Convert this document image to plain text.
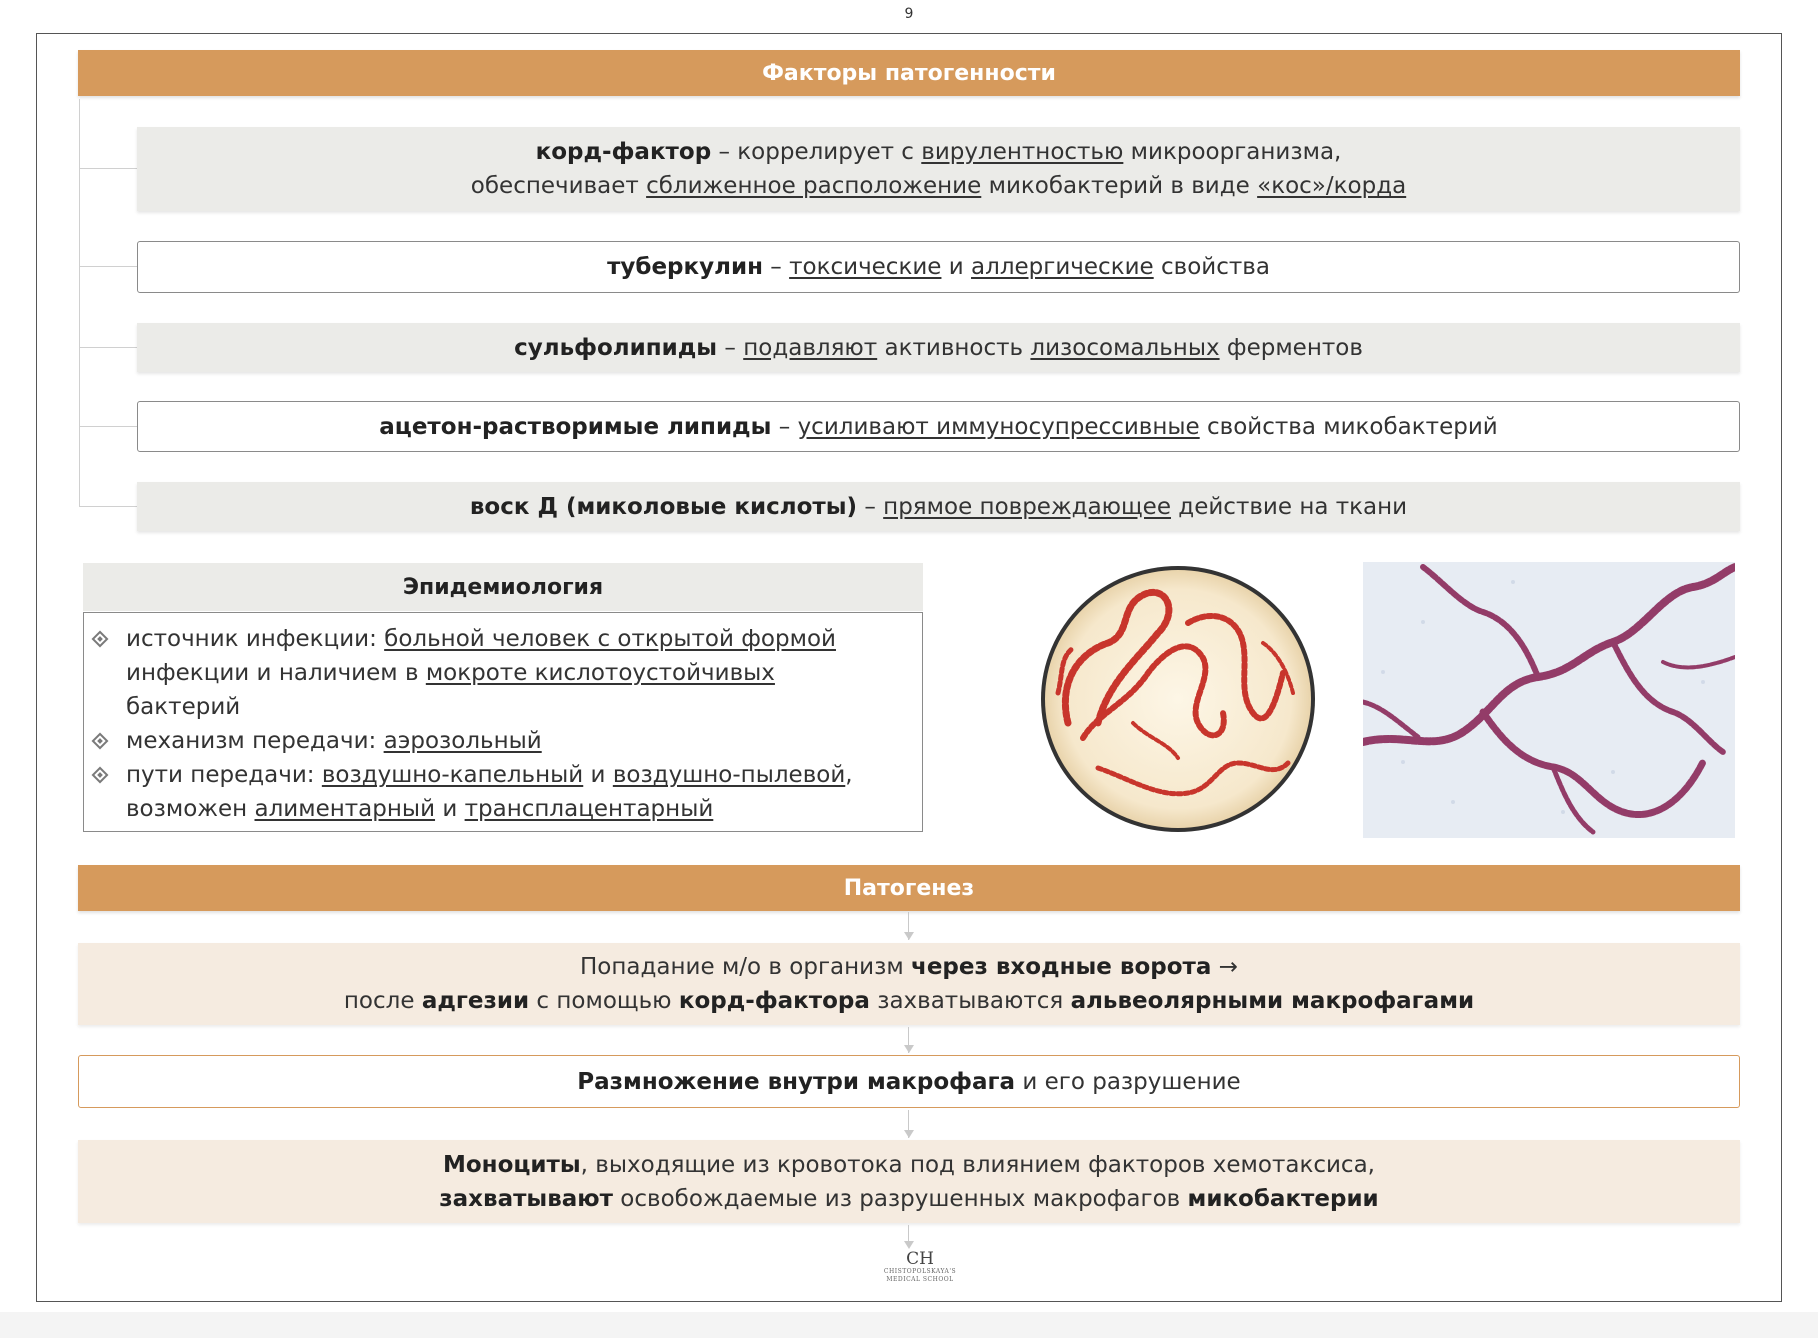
9
Факторы патогенности
корд-фактор – коррелирует с вирулентностью микроорганизма,
обеспечивает сближенное расположение микобактерий в виде «кос»/корда
туберкулин – токсические и аллергические свойства
сульфолипиды – подавляют активность лизосомальных ферментов
ацетон-растворимые липиды – усиливают иммуносупрессивные свойства микобактерий
воск Д (миколовые кислоты) – прямое повреждающее действие на ткани
Эпидемиология
источник инфекции: больной человек с открытой формой
инфекции и наличием в мокроте кислотоустойчивых
бактерий
механизм передачи: аэрозольный
пути передачи: воздушно-капельный и воздушно-пылевой,
возможен алиментарный и трансплацентарный
Патогенез
Попадание м/о в организм через входные ворота →
после адгезии с помощью корд-фактора захватываются альвеолярными макрофагами
Размножение внутри макрофага и его разрушение
Моноциты, выходящие из кровотока под влиянием факторов хемотаксиса,
захватывают освобождаемые из разрушенных макрофагов микобактерии
CH
CHISTOPOLSKAYA'S
MEDICAL SCHOOL
